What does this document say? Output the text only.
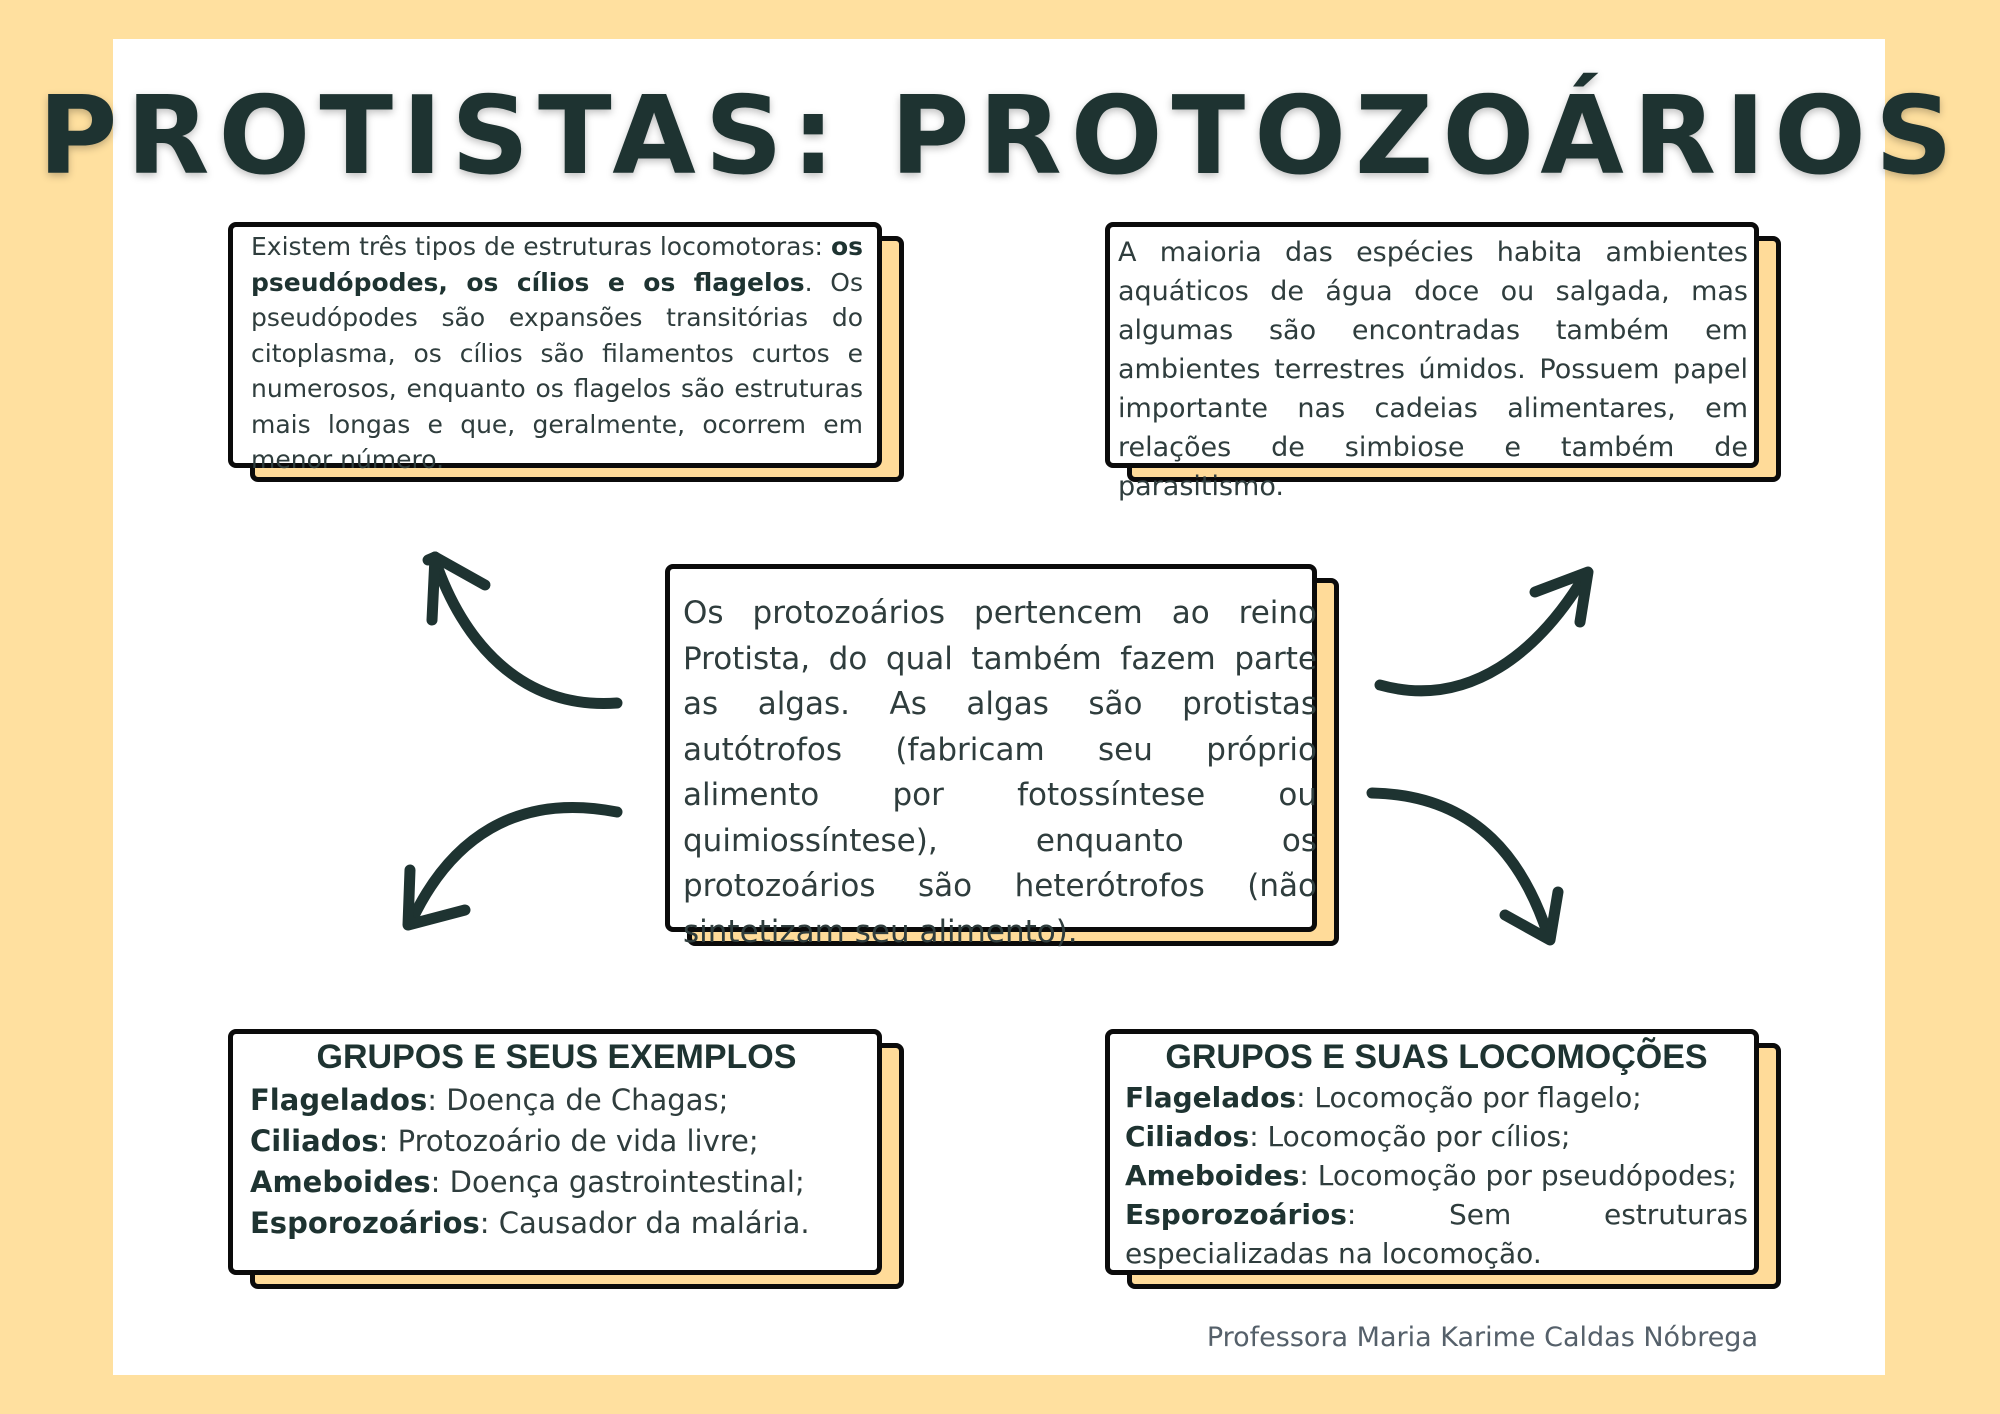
PROTISTAS: PROTOZOÁRIOS

Existem três tipos de estruturas locomotoras: os pseudópodes, os cílios e os flagelos. Os pseudópodes são expansões transitórias do citoplasma, os cílios são filamentos curtos e numerosos, enquanto os flagelos são estruturas mais longas e que, geralmente, ocorrem em menor número.

A maioria das espécies habita ambientes aquáticos de água doce ou salgada, mas algumas são encontradas também em ambientes terrestres úmidos. Possuem papel importante nas cadeias alimentares, em relações de simbiose e também de parasitismo.

Os protozoários pertencem ao reino Protista, do qual também fazem parte as algas. As algas são protistas autótrofos (fabricam seu próprio alimento por fotossíntese ou quimiossíntese), enquanto os protozoários são heterótrofos (não sintetizam seu alimento).

GRUPOS E SEUS EXEMPLOS

Flagelados: Doença de Chagas;

Ciliados: Protozoário de vida livre;

Ameboides: Doença gastrointestinal;

Esporozoários: Causador da malária.

GRUPOS E SUAS LOCOMOÇÕES

Flagelados: Locomoção por flagelo;

Ciliados: Locomoção por cílios;

Ameboides: Locomoção por pseudópodes;

Esporozoários: Sem estruturas especializadas na locomoção.

Professora Maria Karime Caldas Nóbrega
